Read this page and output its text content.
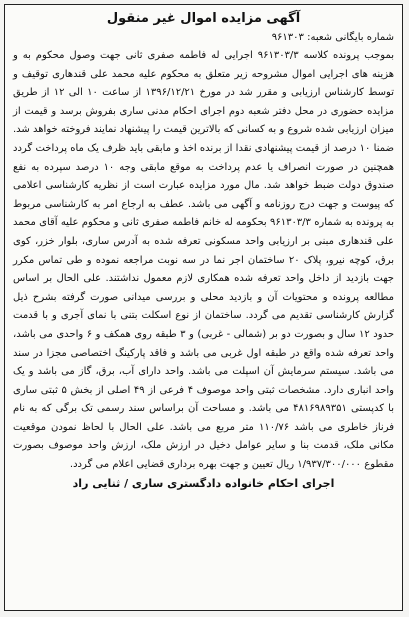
آگهی مزایده اموال غیر منقول
شماره بایگانی شعبه: ۹۶۱۳۰۳

بموجب پرونده کلاسه ۹۶۱۳۰۳/۳ اجرایی له فاطمه صفری ثانی جهت وصول محکوم به و هزینه های اجرایی اموال مشروحه زیر متعلق به محکوم علیه محمد علی قندهاری توقیف و توسط کارشناس ارزیابی و مقرر شد در مورخ ۱۳۹۶/۱۲/۲۱ از ساعت ۱۰ الی ۱۲ از طریق مزایده حضوری در محل دفتر شعبه دوم اجرای احکام مدنی ساری بفروش برسد و قیمت از میزان ارزیابی شده شروع و به کسانی که بالاترین قیمت را پیشنهاد نمایند فروخته خواهد شد. ضمنا ۱۰ درصد از قیمت پیشنهادی نقدا از برنده اخذ و مابقی باید ظرف یک ماه پرداخت گردد همچنین در صورت انصراف یا عدم پرداخت به موقع مابقی وجه ۱۰ درصد سپرده به نفع صندوق دولت ضبط خواهد شد. مال مورد مزایده عبارت است از نظریه کارشناسی اعلامی که پیوست و جهت درج روزنامه و آگهی می باشد. عطف به ارجاع امر به کارشناسی مربوط به پرونده به شماره ۹۶۱۳۰۳/۳ بحکومه له خانم فاطمه صفری ثانی و محکوم علیه آقای محمد علی قندهاری مبنی بر ارزیابی واحد مسکونی تعرفه شده به آدرس ساری، بلوار خزر، کوی برق، کوچه نیرو، پلاک ۲۰ ساختمان اجر نما در سه نوبت مراجعه نموده و طی تماس مکرر جهت بازدید از داخل واحد تعرفه شده همکاری لازم معمول نداشتند. علی الحال بر اساس مطالعه پرونده و محتویات آن و بازدید محلی و بررسی میدانی صورت گرفته بشرح ذیل گزارش کارشناسی تقدیم می گردد. ساختمان از نوع اسکلت بتنی با نمای آجری و با قدمت حدود ۱۲ سال و بصورت دو بر (شمالی - غربی) و ۳ طبقه روی همکف و ۶ واحدی می باشد، واحد تعرفه شده واقع در طبقه اول غربی می باشد و فاقد پارکینگ اختصاصی مجزا در سند می باشد. سیستم سرمایش آن اسپلت می باشد. واحد دارای آب، برق، گاز می باشد و یک واحد انباری دارد. مشخصات ثبتی واحد موصوف ۴ فرعی از ۴۹ اصلی از بخش ۵ ثبتی ساری با کدپستی ۴۸۱۶۹۸۹۳۵۱ می باشد. و مساحت آن براساس سند رسمی تک برگی که به نام فرناز خاطری می باشد ۱۱۰/۷۶ متر مربع می باشد. علی الحال با لحاظ نمودن موقعیت مکانی ملک، قدمت بنا و سایر عوامل دخیل در ارزش ملک، ارزش واحد موصوف بصورت مقطوع ۱/۹۳۷/۳۰۰/۰۰۰ ریال تعیین و جهت بهره برداری قضایی اعلام می گردد.

اجرای احکام خانواده دادگستری ساری / ثنایی راد
